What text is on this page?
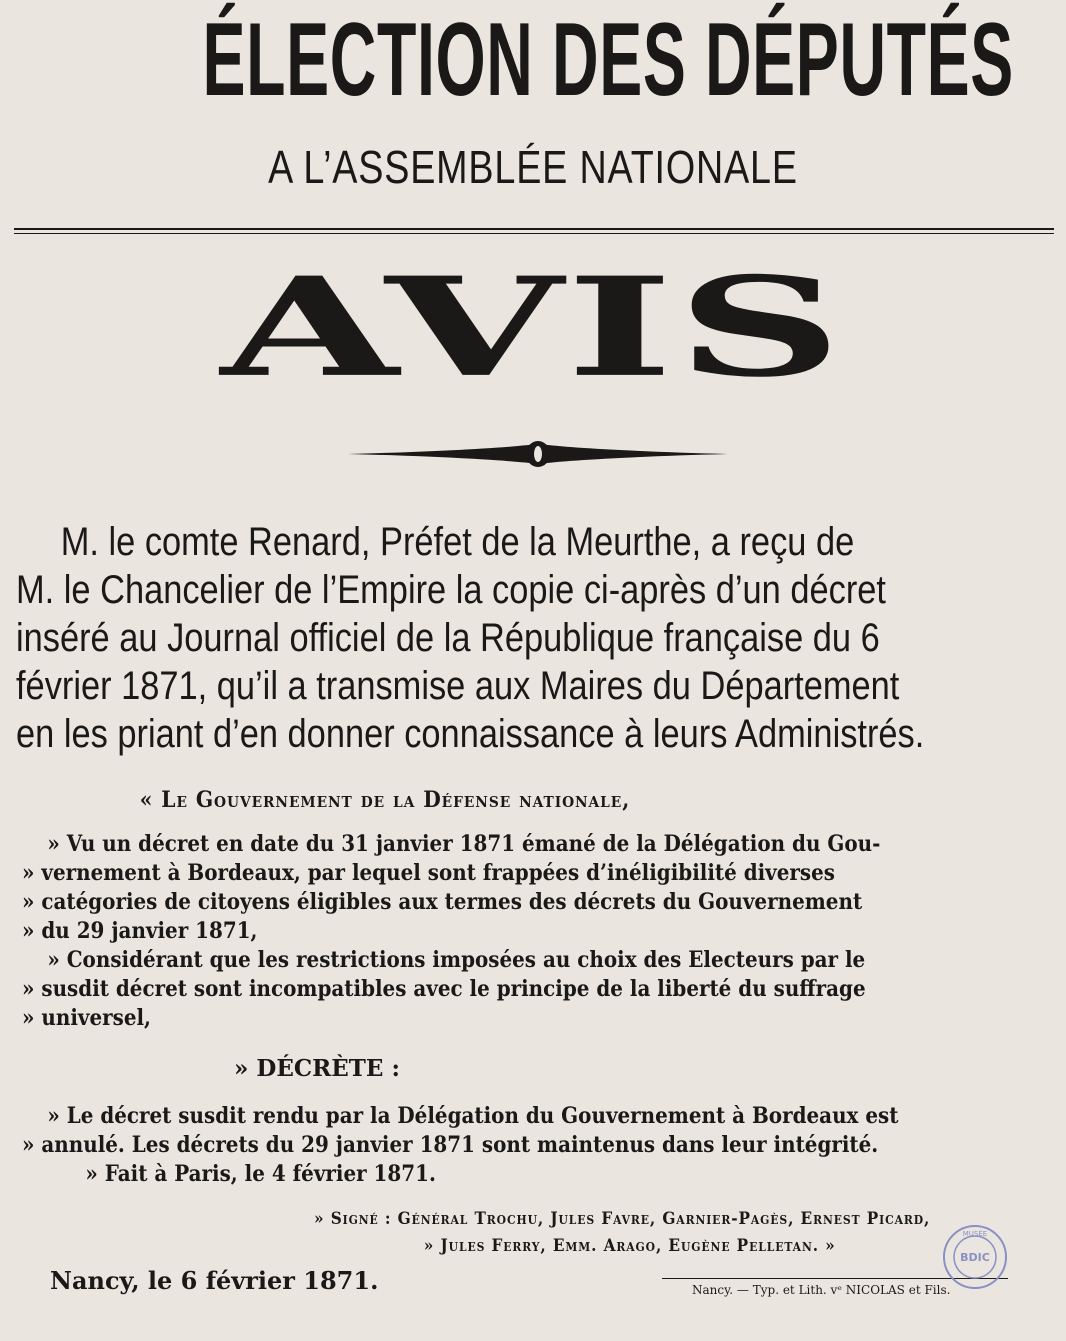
ÉLECTION DES DÉPUTÉS
A L’ASSEMBLÉE NATIONALE
AVIS
M. le comte Renard, Préfet de la Meurthe, a reçu de
M. le Chancelier de l’Empire la copie ci-après d’un décret
inséré au Journal officiel de la République française du 6
février 1871, qu’il a transmise aux Maires du Département
en les priant d’en donner connaissance à leurs Administrés.
« Le Gouvernement de la Défense nationale,
» Vu un décret en date du 31 janvier 1871 émané de la Délégation du Gou-
» vernement à Bordeaux, par lequel sont frappées d’inéligibilité diverses
» catégories de citoyens éligibles aux termes des décrets du Gouvernement
» du 29 janvier 1871,
» Considérant que les restrictions imposées au choix des Electeurs par le
» susdit décret sont incompatibles avec le principe de la liberté du suffrage
» universel,
» DÉCRÈTE :
» Le décret susdit rendu par la Délégation du Gouvernement à Bordeaux est
» annulé. Les décrets du 29 janvier 1871 sont maintenus dans leur intégrité.
» Fait à Paris, le 4 février 1871.
» Signé : Général Trochu, Jules Favre, Garnier-Pagès, Ernest Picard,
» Jules Ferry, Emm. Arago, Eugène Pelletan. »
Nancy, le 6 février 1871.	Nancy. — Typ. et Lith. vᵉ NICOLAS et Fils.
MUSÉE
BDIC
